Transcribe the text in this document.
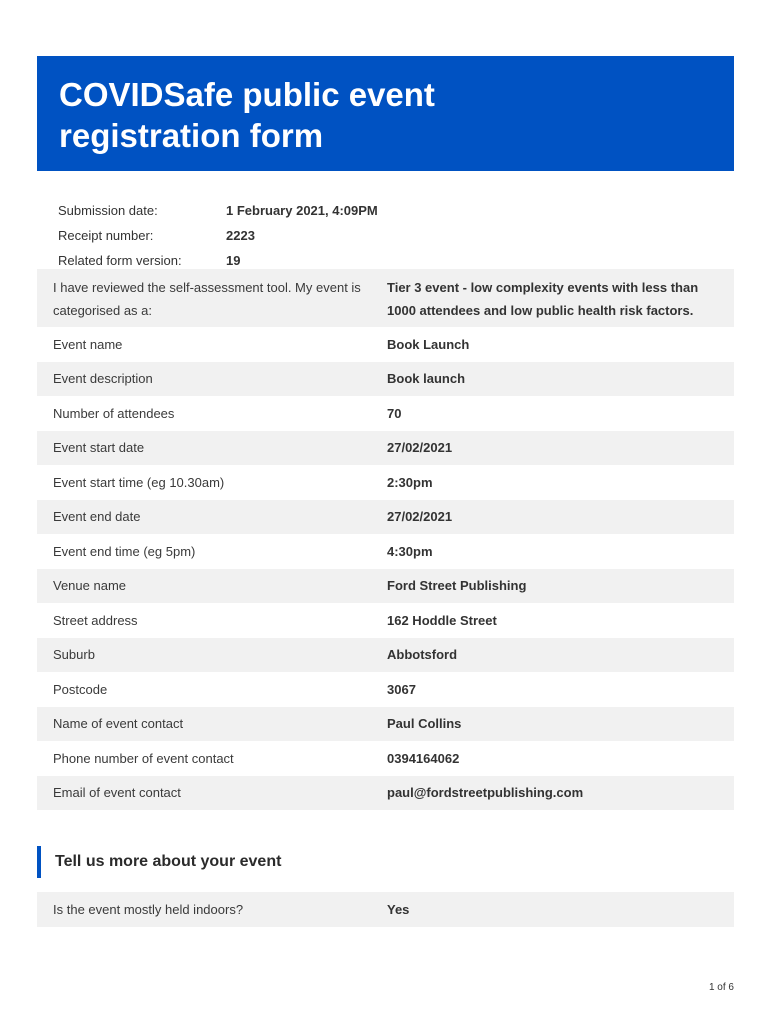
COVIDSafe public event registration form
Submission date:	1 February 2021, 4:09PM
Receipt number:	2223
Related form version:	19
I have reviewed the self-assessment tool. My event is categorised as a:
Tier 3 event - low complexity events with less than 1000 attendees and low public health risk factors.
Event name	Book Launch
Event description	Book launch
Number of attendees	70
Event start date	27/02/2021
Event start time (eg 10.30am)	2:30pm
Event end date	27/02/2021
Event end time (eg 5pm)	4:30pm
Venue name	Ford Street Publishing
Street address	162 Hoddle Street
Suburb	Abbotsford
Postcode	3067
Name of event contact	Paul Collins
Phone number of event contact	0394164062
Email of event contact	paul@fordstreetpublishing.com
Tell us more about your event
Is the event mostly held indoors?	Yes
1 of 6
